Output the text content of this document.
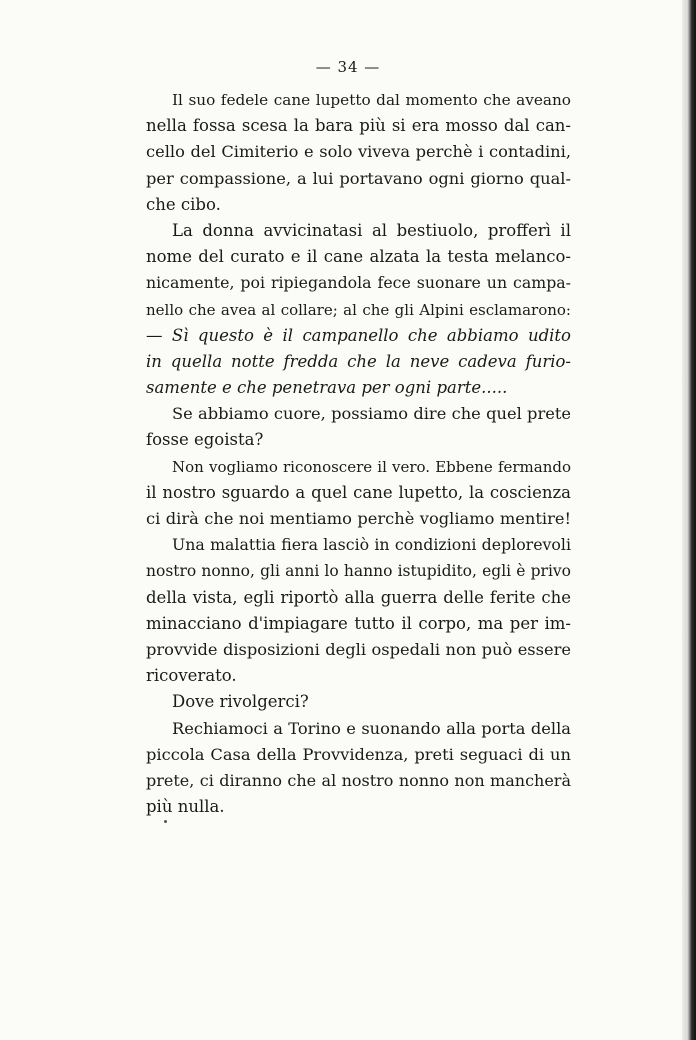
— 34 —
Il suo fedele cane lupetto dal momento che aveano
nella fossa scesa la bara più si era mosso dal can-
cello del Cimiterio e solo viveva perchè i contadini,
per compassione, a lui portavano ogni giorno qual-
che cibo.
La donna avvicinatasi al bestiuolo, profferì il
nome del curato e il cane alzata la testa melanco-
nicamente, poi ripiegandola fece suonare un campa-
nello che avea al collare; al che gli Alpini esclamarono:
— Sì questo è il campanello che abbiamo udito
in quella notte fredda che la neve cadeva furio-
samente e che penetrava per ogni parte.....
Se abbiamo cuore, possiamo dire che quel prete
fosse egoista?
Non vogliamo riconoscere il vero. Ebbene fermando
il nostro sguardo a quel cane lupetto, la coscienza
ci dirà che noi mentiamo perchè vogliamo mentire!
Una malattia fiera lasciò in condizioni deplorevoli
nostro nonno, gli anni lo hanno istupidito, egli è privo
della vista, egli riportò alla guerra delle ferite che
minacciano d'impiagare tutto il corpo, ma per im-
provvide disposizioni degli ospedali non può essere
ricoverato.
Dove rivolgerci?
Rechiamoci a Torino e suonando alla porta della
piccola Casa della Provvidenza, preti seguaci di un
prete, ci diranno che al nostro nonno non mancherà
più nulla.
